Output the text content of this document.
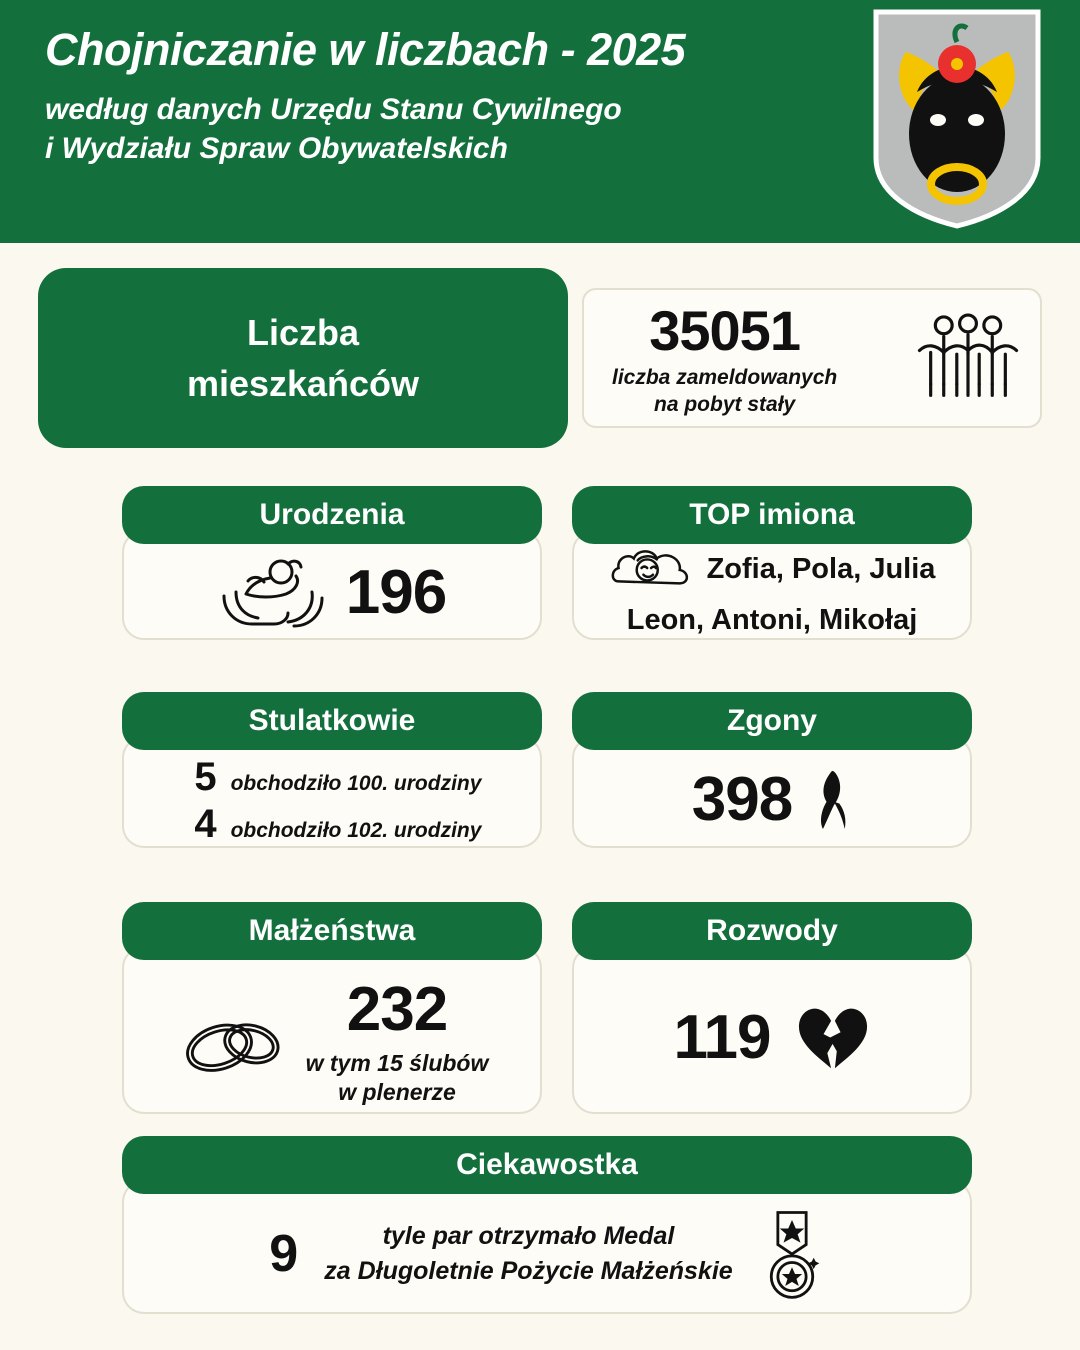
Chojniczanie w liczbach - 2025
według danych Urzędu Stanu Cywilnego
i Wydziału Spraw Obywatelskich
Liczba
mieszkańców
35051
liczba zameldowanych
na pobyt stały
Urodzenia
196
TOP imiona
Zofia, Pola, Julia
Leon, Antoni, Mikołaj
Stulatkowie
5 obchodziło 100. urodziny
4 obchodziło 102. urodziny
Zgony
398
Małżeństwa
232
w tym 15 ślubów
w plenerze
Rozwody
119
Ciekawostka
9	tyle par otrzymało Medal
za Długoletnie Pożycie Małżeńskie
